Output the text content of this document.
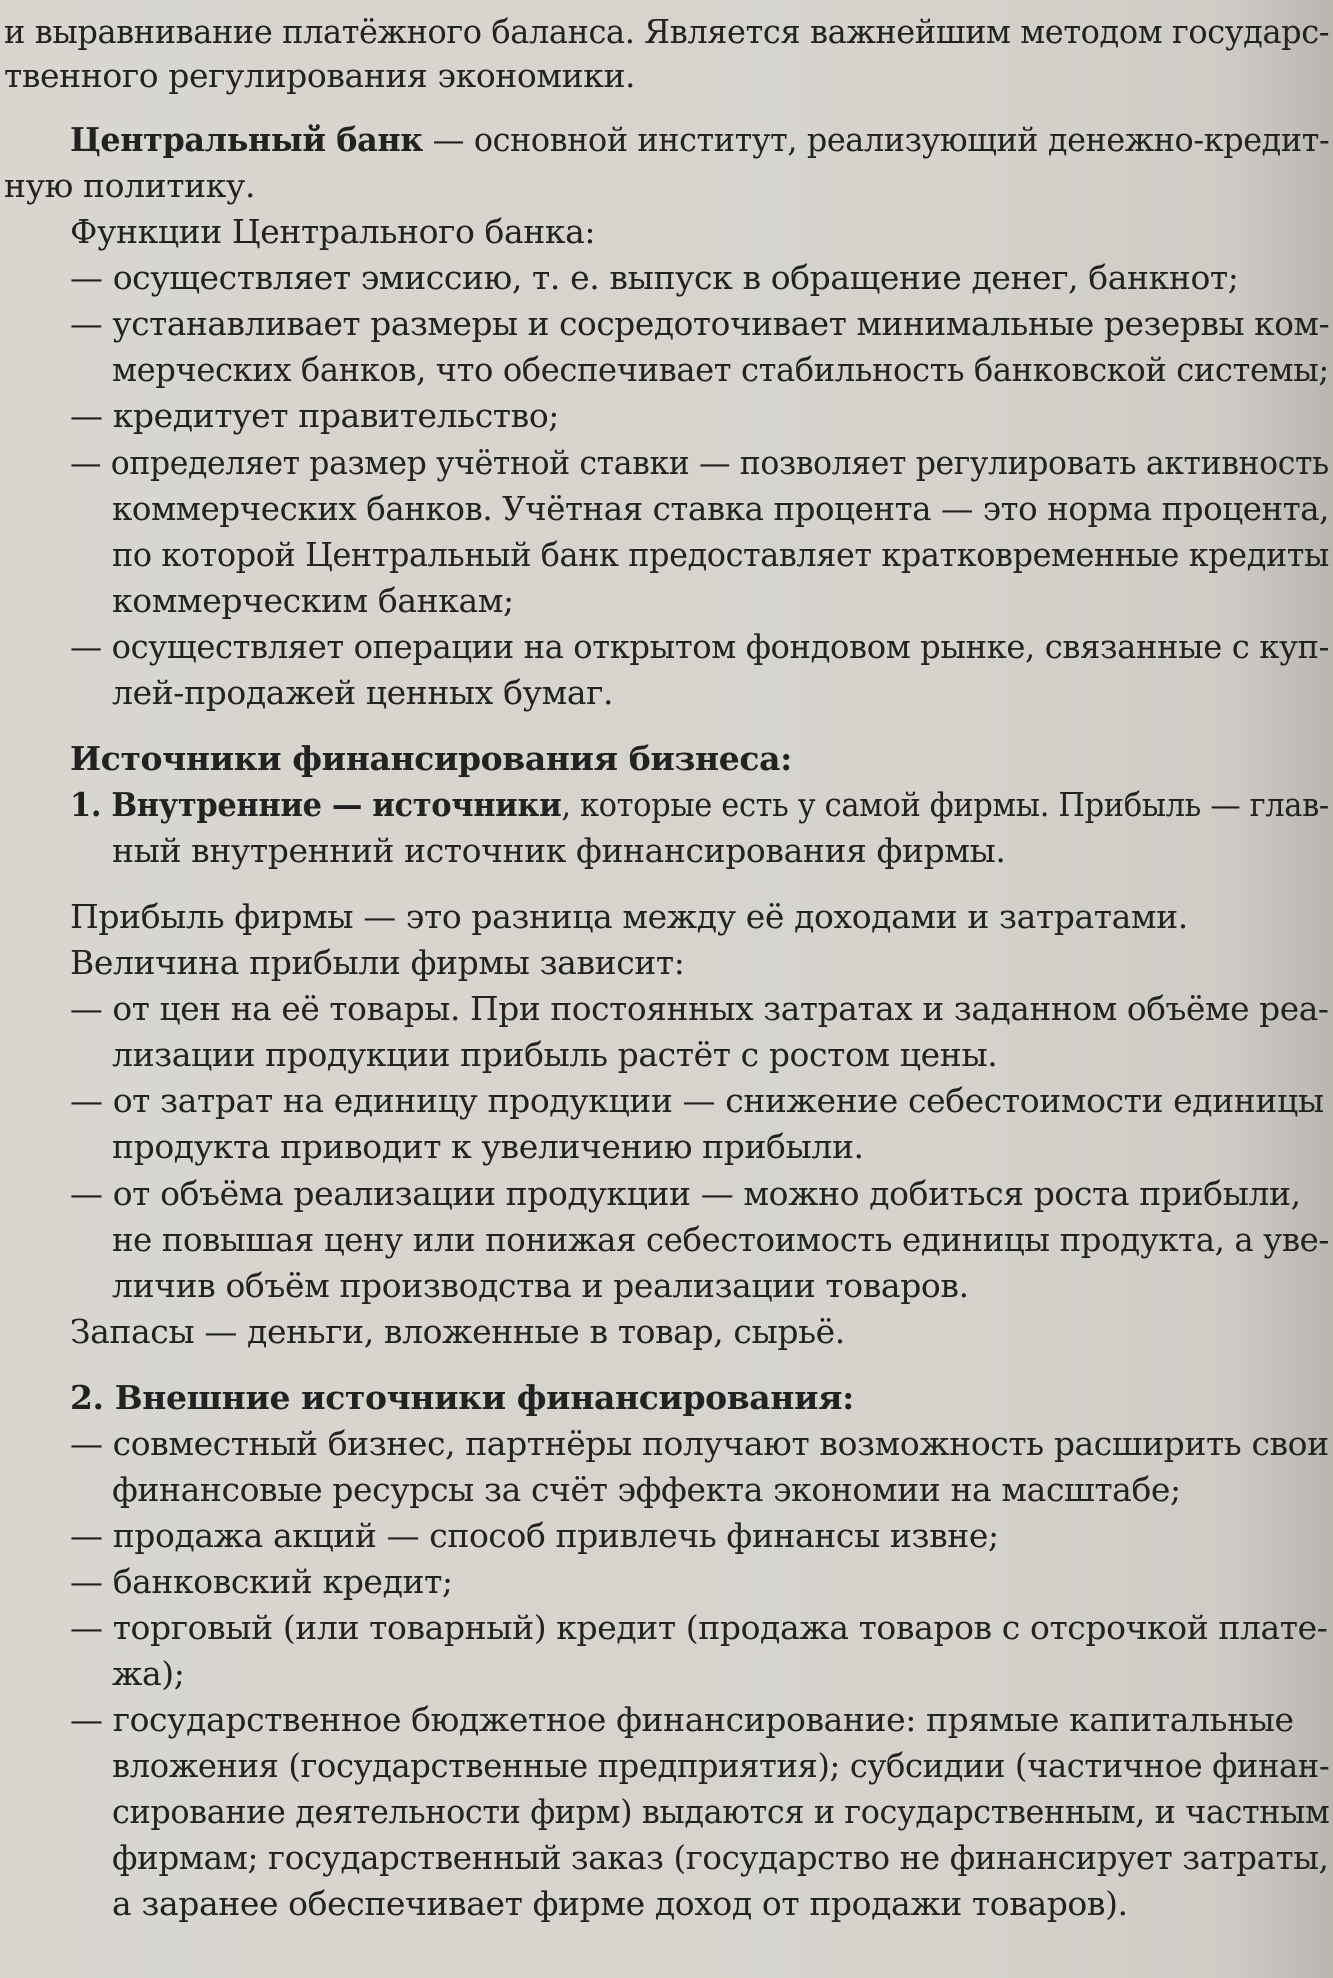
и выравнивание платёжного баланса. Является важнейшим методом государс-
твенного регулирования экономики.
Центральный банк — основной институт, реализующий денежно-кредит-
ную политику.
Функции Центрального банка:
— осуществляет эмиссию, т. е. выпуск в обращение денег, банкнот;
— устанавливает размеры и сосредоточивает минимальные резервы ком-
мерческих банков, что обеспечивает стабильность банковской системы;
— кредитует правительство;
— определяет размер учётной ставки — позволяет регулировать активность
коммерческих банков. Учётная ставка процента — это норма процента,
по которой Центральный банк предоставляет кратковременные кредиты
коммерческим банкам;
— осуществляет операции на открытом фондовом рынке, связанные с куп-
лей-продажей ценных бумаг.
Источники финансирования бизнеса:
1. Внутренние — источники, которые есть у самой фирмы. Прибыль — глав-
ный внутренний источник финансирования фирмы.
Прибыль фирмы — это разница между её доходами и затратами.
Величина прибыли фирмы зависит:
— от цен на её товары. При постоянных затратах и заданном объёме реа-
лизации продукции прибыль растёт с ростом цены.
— от затрат на единицу продукции — снижение себестоимости единицы
продукта приводит к увеличению прибыли.
— от объёма реализации продукции — можно добиться роста прибыли,
не повышая цену или понижая себестоимость единицы продукта, а уве-
личив объём производства и реализации товаров.
Запасы — деньги, вложенные в товар, сырьё.
2. Внешние источники финансирования:
— совместный бизнес, партнёры получают возможность расширить свои
финансовые ресурсы за счёт эффекта экономии на масштабе;
— продажа акций — способ привлечь финансы извне;
— банковский кредит;
— торговый (или товарный) кредит (продажа товаров с отсрочкой плате-
жа);
— государственное бюджетное финансирование: прямые капитальные
вложения (государственные предприятия); субсидии (частичное финан-
сирование деятельности фирм) выдаются и государственным, и частным
фирмам; государственный заказ (государство не финансирует затраты,
а заранее обеспечивает фирме доход от продажи товаров).
